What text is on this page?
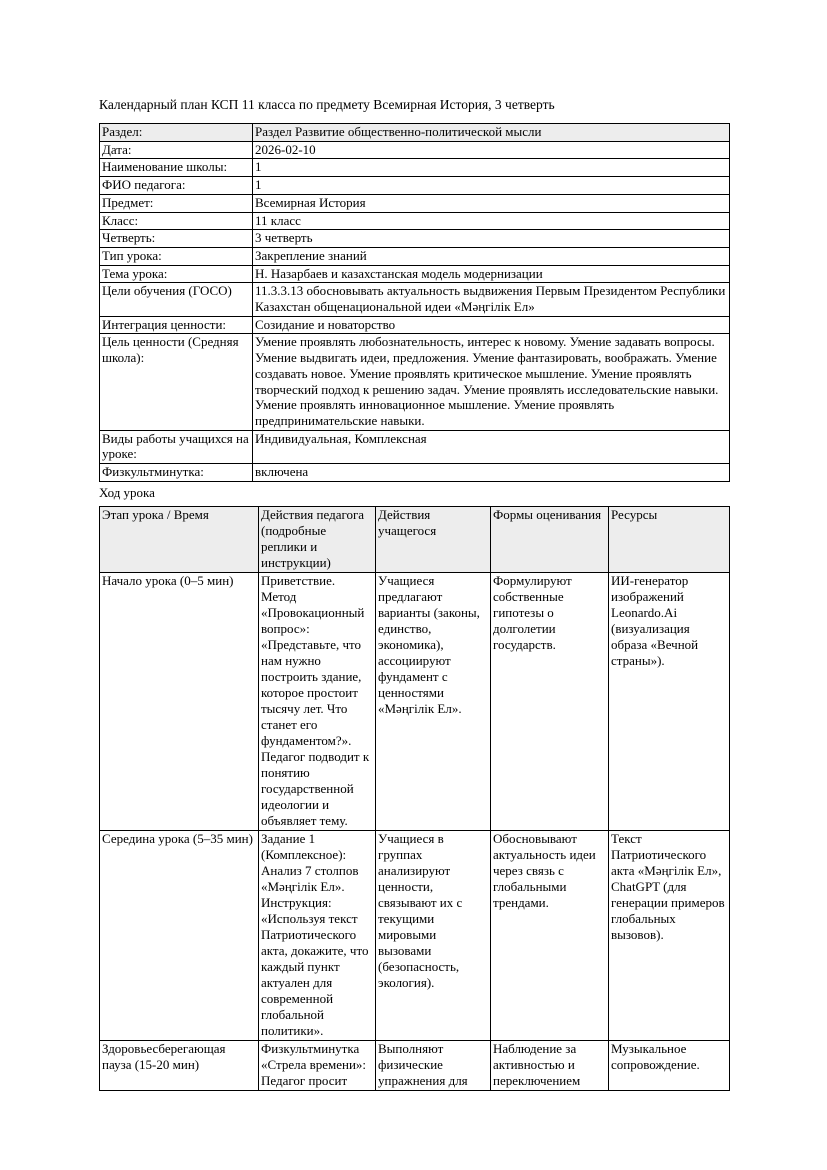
Календарный план КСП 11 класса по предмету Всемирная История, 3 четверть

Раздел:	Раздел Развитие общественно-политической мысли
Дата:	2026-02-10
Наименование школы:	1
ФИО педагога:	1
Предмет:	Всемирная История
Класс:	11 класс
Четверть:	3 четверть
Тип урока:	Закрепление знаний
Тема урока:	Н. Назарбаев и казахстанская модель модернизации
Цели обучения (ГОСО)	11.3.3.13 обосновывать актуальность выдвижения Первым Президентом Республики Казахстан общенациональной идеи «Мәңгілік Ел»
Интеграция ценности:	Созидание и новаторство
Цель ценности (Средняя школа):	Умение проявлять любознательность, интерес к новому. Умение задавать вопросы. Умение выдвигать идеи, предложения. Умение фантазировать, воображать. Умение создавать новое. Умение проявлять критическое мышление. Умение проявлять творческий подход к решению задач. Умение проявлять исследовательские навыки. Умение проявлять инновационное мышление. Умение проявлять предпринимательские навыки.
Виды работы учащихся на уроке:	Индивидуальная, Комплексная
Физкультминутка:	включена

Ход урока

Этап урока / Время	Действия педагога (подробные реплики и инструкции)	Действия учащегося	Формы оценивания	Ресурсы
Начало урока (0–5 мин)	Приветствие. Метод «Провокационный вопрос»: «Представьте, что нам нужно построить здание, которое простоит тысячу лет. Что станет его фундаментом?». Педагог подводит к понятию государственной идеологии и объявляет тему.	Учащиеся предлагают варианты (законы, единство, экономика), ассоциируют фундамент с ценностями «Мәңгілік Ел».	Формулируют собственные гипотезы о долголетии государств.	ИИ-генератор изображений Leonardo.Ai (визуализация образа «Вечной страны»).
Середина урока (5–35 мин)	Задание 1 (Комплексное): Анализ 7 столпов «Мәңгілік Ел». Инструкция: «Используя текст Патриотического акта, докажите, что каждый пункт актуален для современной глобальной политики».	Учащиеся в группах анализируют ценности, связывают их с текущими мировыми вызовами (безопасность, экология).	Обосновывают актуальность идеи через связь с глобальными трендами.	Текст Патриотического акта «Мәңгілік Ел», ChatGPT (для генерации примеров глобальных вызовов).
Здоровьесберегающая пауза (15-20 мин)	Физкультминутка «Стрела времени»: Педагог просит	Выполняют физические упражнения для	Наблюдение за активностью и переключением	Музыкальное сопровождение.
